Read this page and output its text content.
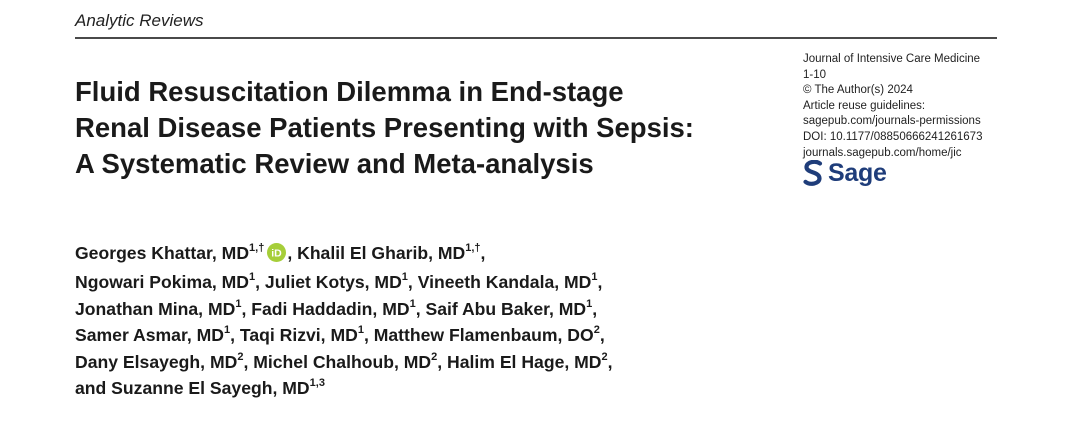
Analytic Reviews
Fluid Resuscitation Dilemma in End-stage
Renal Disease Patients Presenting with Sepsis:
A Systematic Review and Meta-analysis
Journal of Intensive Care Medicine
1-10
© The Author(s) 2024
Article reuse guidelines:
sagepub.com/journals-permissions
DOI: 10.1177/08850666241261673
journals.sagepub.com/home/jic
Sage
Georges Khattar, $MD^{1,\dagger}$ iD , Khalil El Gharib, $MD^{1,\dagger}$,
Ngowari Pokima, $MD^1$, Juliet Kotys, $MD^1$, Vineeth Kandala, $MD^1$,
Jonathan Mina, $MD^1$, Fadi Haddadin, $MD^1$, Saif Abu Baker, $MD^1$,
Samer Asmar, $MD^1$, Taqi Rizvi, $MD^1$, Matthew Flamenbaum, $DO^2$,
Dany Elsayegh, $MD^2$, Michel Chalhoub, $MD^2$, Halim El Hage, $MD^2$,
and Suzanne El Sayegh, MD$^{1,3}$
